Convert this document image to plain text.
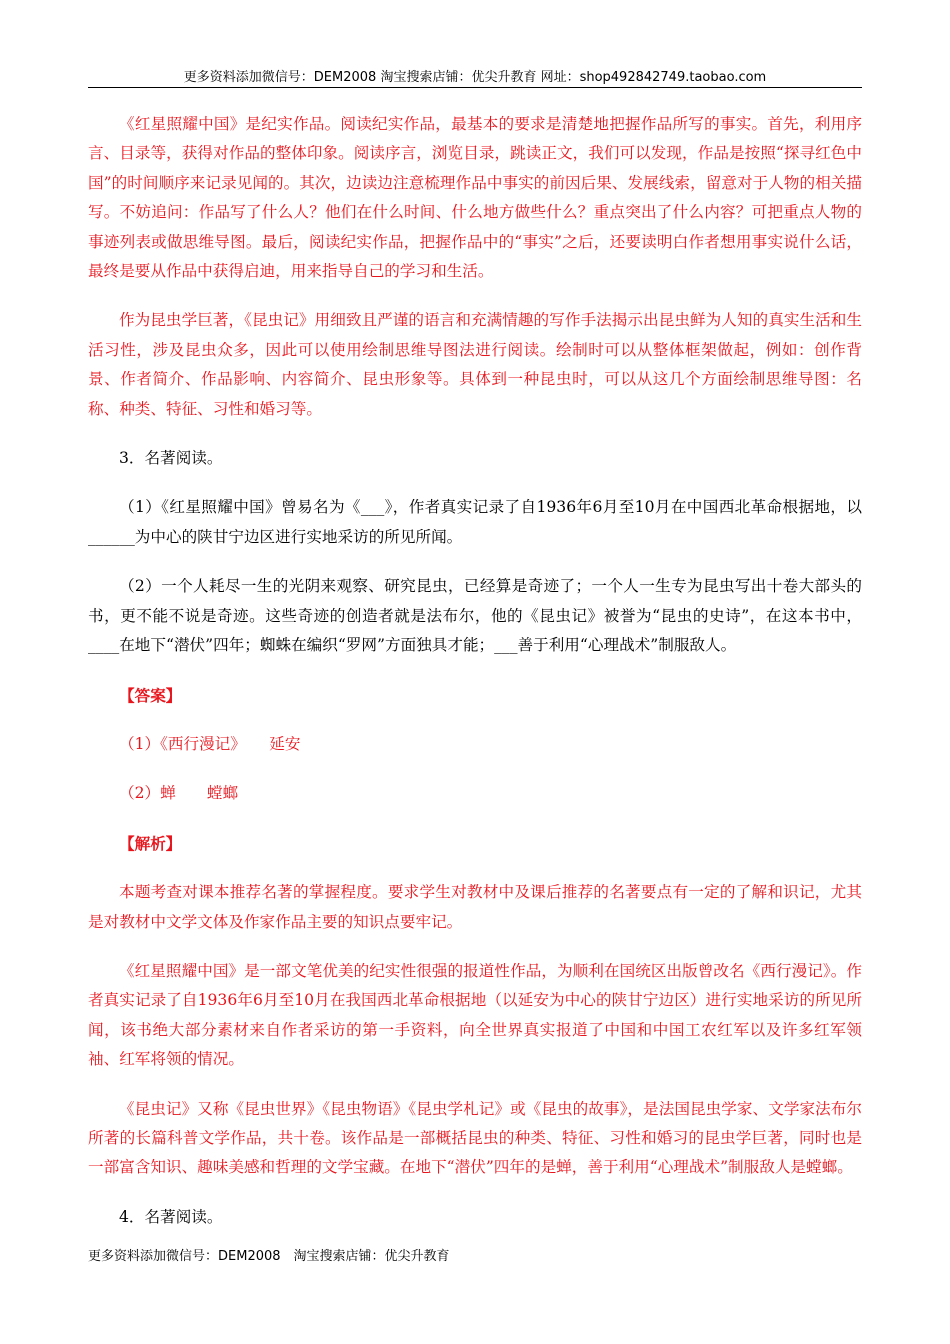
更多资料添加微信号：DEM2008 淘宝搜索店铺：优尖升教育 网址：shop492842749.taobao.com

《红星照耀中国》是纪实作品。阅读纪实作品，最基本的要求是清楚地把握作品所写的事实。首先，利用序言、目录等，获得对作品的整体印象。阅读序言，浏览目录，跳读正文，我们可以发现，作品是按照“探寻红色中国”的时间顺序来记录见闻的。其次，边读边注意梳理作品中事实的前因后果、发展线索，留意对于人物的相关描写。不妨追问：作品写了什么人？他们在什么时间、什么地方做些什么？重点突出了什么内容？可把重点人物的事迹列表或做思维导图。最后，阅读纪实作品，把握作品中的“事实”之后，还要读明白作者想用事实说什么话，最终是要从作品中获得启迪，用来指导自己的学习和生活。

作为昆虫学巨著，《昆虫记》用细致且严谨的语言和充满情趣的写作手法揭示出昆虫鲜为人知的真实生活和生活习性，涉及昆虫众多，因此可以使用绘制思维导图法进行阅读。绘制时可以从整体框架做起，例如：创作背景、作者简介、作品影响、内容简介、昆虫形象等。具体到一种昆虫时，可以从这几个方面绘制思维导图：名称、种类、特征、习性和婚习等。

3．名著阅读。

（1）《红星照耀中国》曾易名为《___》，作者真实记录了自1936年6月至10月在中国西北革命根据地，以______为中心的陕甘宁边区进行实地采访的所见所闻。

（2）一个人耗尽一生的光阴来观察、研究昆虫，已经算是奇迹了；一个人一生专为昆虫写出十卷大部头的书，更不能不说是奇迹。这些奇迹的创造者就是法布尔，他的《昆虫记》被誉为“昆虫的史诗”，在这本书中，____在地下“潜伏”四年；蜘蛛在编织“罗网”方面独具才能；___善于利用“心理战术”制服敌人。

【答案】

（1）《西行漫记》　　延安

（2）蝉　　螳螂

【解析】

本题考查对课本推荐名著的掌握程度。要求学生对教材中及课后推荐的名著要点有一定的了解和识记，尤其是对教材中文学文体及作家作品主要的知识点要牢记。

《红星照耀中国》是一部文笔优美的纪实性很强的报道性作品，为顺利在国统区出版曾改名《西行漫记》。作者真实记录了自1936年6月至10月在我国西北革命根据地（以延安为中心的陕甘宁边区）进行实地采访的所见所闻，该书绝大部分素材来自作者采访的第一手资料，向全世界真实报道了中国和中国工农红军以及许多红军领袖、红军将领的情况。

《昆虫记》又称《昆虫世界》《昆虫物语》《昆虫学札记》或《昆虫的故事》，是法国昆虫学家、文学家法布尔所著的长篇科普文学作品，共十卷。该作品是一部概括昆虫的种类、特征、习性和婚习的昆虫学巨著，同时也是一部富含知识、趣味美感和哲理的文学宝藏。在地下“潜伏”四年的是蝉，善于利用“心理战术”制服敌人是螳螂。

4．名著阅读。

更多资料添加微信号：DEM2008　淘宝搜索店铺：优尖升教育
